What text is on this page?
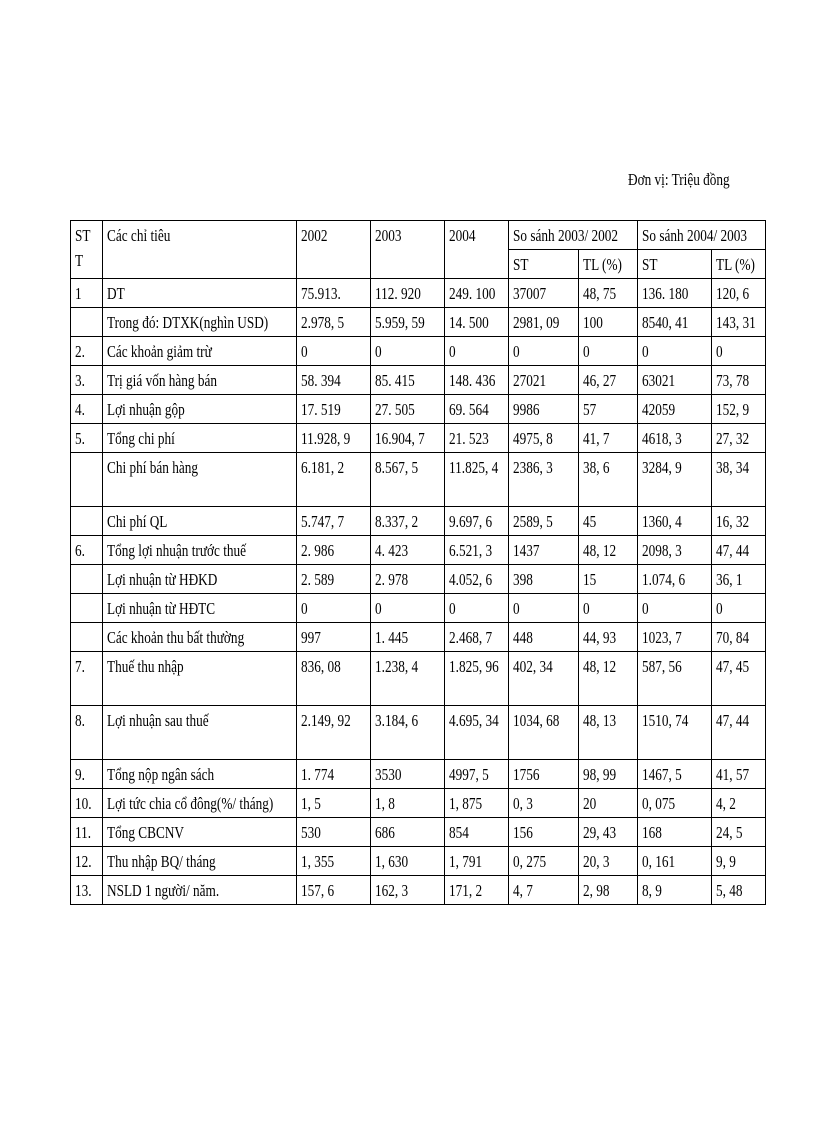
Đơn vị: Triệu đồng
ST T	Các chỉ tiêu	2002	2003	2004	So sánh 2003/ 2002		So sánh 2004/ 2003	

					ST	TL (%)	ST	TL (%)

1	DT	75.913.	112. 920	249. 100	37007	48, 75	136. 180	120, 6

	Trong đó: DTXK(nghìn USD)	2.978, 5	5.959, 59	14. 500	2981, 09	100	8540, 41	143, 31

2.	Các khoản giảm trừ	0	0	0	0	0	0	0

3.	Trị giá vốn hàng bán	58. 394	85. 415	148. 436	27021	46, 27	63021	73, 78

4.	Lợi nhuận gộp	17. 519	27. 505	69. 564	9986	57	42059	152, 9

5.	Tổng chi phí	11.928, 9	16.904, 7	21. 523	4975, 8	41, 7	4618, 3	27, 32

	Chi phí bán hàng	6.181, 2	8.567, 5	11.825, 4	2386, 3	38, 6	3284, 9	38, 34

	Chi phí QL	5.747, 7	8.337, 2	9.697, 6	2589, 5	45	1360, 4	16, 32

6.	Tổng lợi nhuận trước thuế	2. 986	4. 423	6.521, 3	1437	48, 12	2098, 3	47, 44

	Lợi nhuận từ HĐKD	2. 589	2. 978	4.052, 6	398	15	1.074, 6	36, 1

	Lợi nhuận từ HĐTC	0	0	0	0	0	0	0

	Các khoản thu bất thường	997	1. 445	2.468, 7	448	44, 93	1023, 7	70, 84

7.	Thuế thu nhập	836, 08	1.238, 4	1.825, 96	402, 34	48, 12	587, 56	47, 45

8.	Lợi nhuận sau thuế	2.149, 92	3.184, 6	4.695, 34	1034, 68	48, 13	1510, 74	47, 44

9.	Tổng nộp ngân sách	1. 774	3530	4997, 5	1756	98, 99	1467, 5	41, 57

10.	Lợi tức chia cổ đông(%/ tháng)	1, 5	1, 8	1, 875	0, 3	20	0, 075	4, 2

11.	Tổng CBCNV	530	686	854	156	29, 43	168	24, 5

12.	Thu nhập BQ/ tháng	1, 355	1, 630	1, 791	0, 275	20, 3	0, 161	9, 9

13.	NSLD 1 người/ năm.	157, 6	162, 3	171, 2	4, 7	2, 98	8, 9	5, 48
